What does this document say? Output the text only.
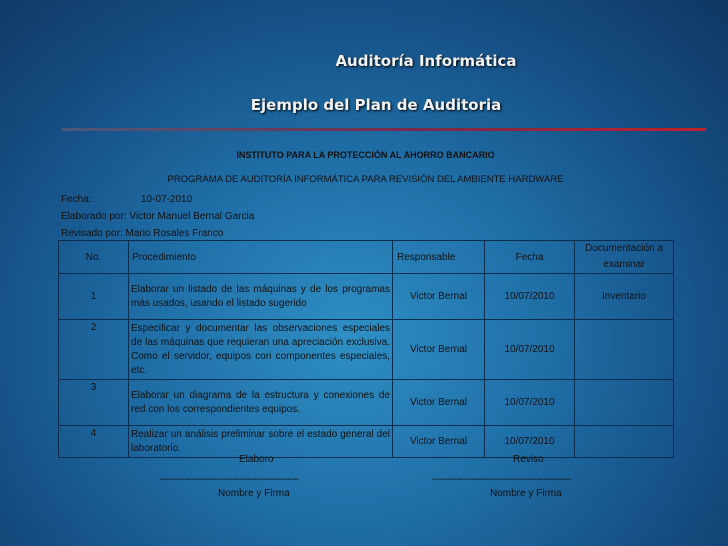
Auditoría Informática
Ejemplo del Plan de Auditoria
INSTITUTO PARA LA PROTECCIÓN AL AHORRO BANCARIO
PROGRAMA DE AUDITORÍA INFORMÁTICA PARA REVISIÓN DEL AMBIENTE HARDWARE
Fecha:	10-07-2010
Elaborado por: Victor Manuel Bernal Garcia
Revisado por: Mario Rosales Franco
No.	Procedimiento	Responsable	Fecha	Documentación a examinar
1	Elaborar un listado de las máquinas y de los programas más usados, usando el listado sugerido	Victor Bernal	10/07/2010	Inventario
2	Especificar y documentar las observaciones especiales de las máquinas que requieran una apreciación exclusiva. Como el servidor, equipos con componentes especiales, etc.	Victor Bernal	10/07/2010	
3	Elaborar un diagrama de la estructura y conexiones de red con los correspondientes equipos.	Victor Bernal	10/07/2010	
4	Realizar un análisis preliminar sobre el estado general del laboratorio.	Victor Bernal	10/07/2010	
Elaboro	Reviso
-------------------------------------------------	-------------------------------------------------
Nombre y Firma	Nombre y Firma
